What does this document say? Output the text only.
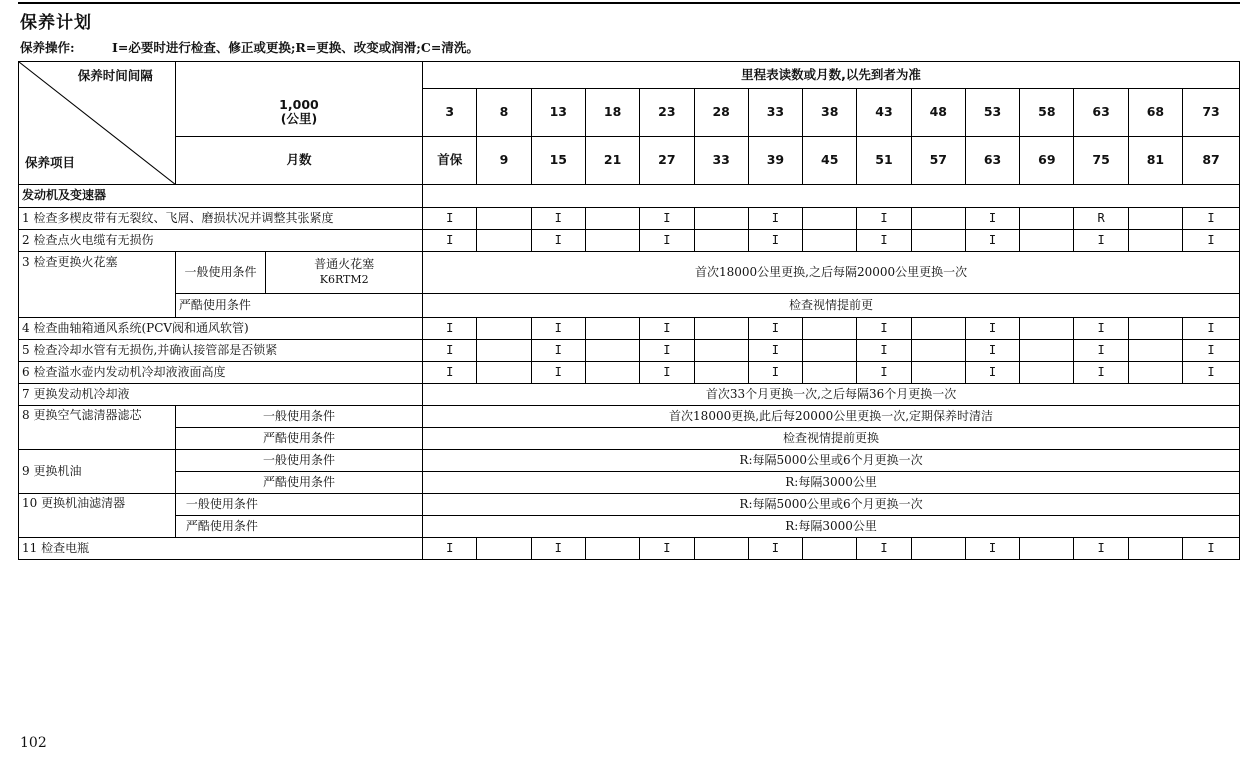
保养计划
保养操作:	I=必要时进行检查、修正或更换;R=更换、改变或润滑;C=清洗。
保养时间间隔
保养项目			里程表读数或月数,以先到者为准														

	1,000
(公里)		3	8	13	18	23	28	33	38	43	48	53	58	63	68	73
	月数		首保	9	15	21	27	33	39	45	51	57	63	69	75	81	87
发动机及变速器																	
1 检查多楔皮带有无裂纹、飞屑、磨损状况并调整其张紧度			I		I		I		I		I		I		R		I
2 检查点火电缆有无损伤			I		I		I		I		I		I		I		I
3 检查更换火花塞	一般使用条件	普通火花塞
K6RTM2	首次18000公里更换,之后每隔20000公里更换一次														
	严酷使用条件		检查视情提前更														
4 检查曲轴箱通风系统(PCV阀和通风软管)			I		I		I		I		I		I		I		I
5 检查冷却水管有无损伤,并确认接管部是否锁紧			I		I		I		I		I		I		I		I
6 检查溢水壶内发动机冷却液液面高度			I		I		I		I		I		I		I		I
7 更换发动机冷却液			首次33个月更换一次,之后每隔36个月更换一次														
8 更换空气滤清器滤芯	一般使用条件		首次18000更换,此后每20000公里更换一次,定期保养时清洁														
	严酷使用条件		检查视情提前更换														
9 更换机油	一般使用条件		R:每隔5000公里或6个月更换一次														
	严酷使用条件		R:每隔3000公里														
10 更换机油滤清器	一般使用条件		R:每隔5000公里或6个月更换一次														
	严酷使用条件		R:每隔3000公里														
11 检查电瓶			I		I		I		I		I		I		I		I
102
